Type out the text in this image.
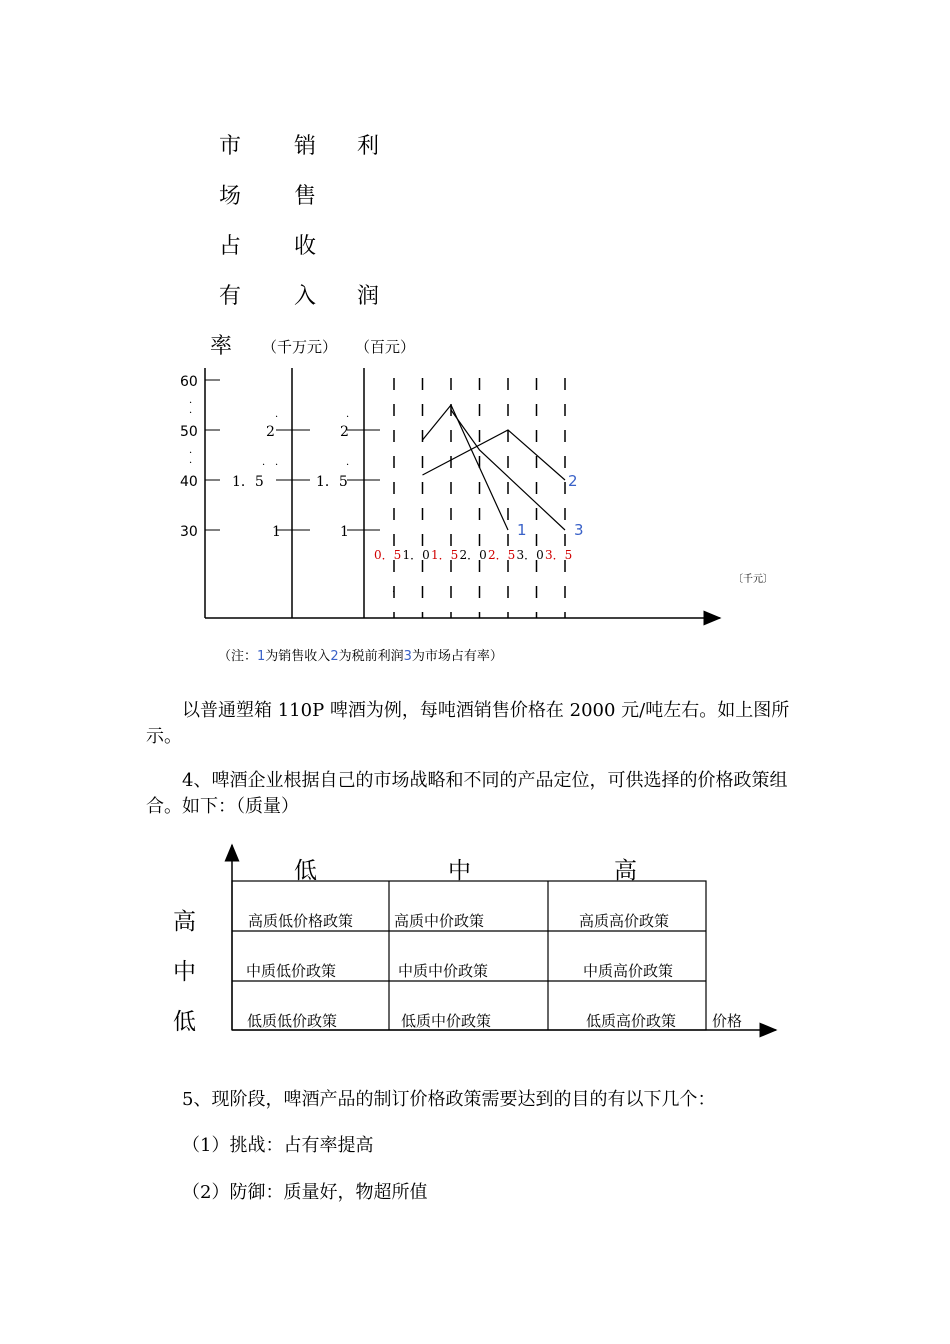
市
场
占
有
率
销
售
收
入
利
润
（千万元） （百元）
60
50
40
30
·
·
·
·
2
1．5
1
·
· ·
2
1．5
1
·
·
0．5 1．0 1．5 2．0 2．5 3．0 3．5
1
2
3
〔千元〕
·
（注：1为销售收入2为税前利润3为市场占有率）
以普通塑箱 110P 啤酒为例，每吨酒销售价格在 2000 元/吨左右。如上图所示。
4、啤酒企业根据自己的市场战略和不同的产品定位，可供选择的价格政策组合。如下：（质量）
低	中	高
高
中
低
高质低价格政策	高质中价政策	高质高价政策
中质低价政策	中质中价政策	中质高价政策
低质低价政策	低质中价政策	低质高价政策 价格
5、现阶段，啤酒产品的制订价格政策需要达到的目的有以下几个：
（1）挑战：占有率提高
（2）防御：质量好，物超所值
